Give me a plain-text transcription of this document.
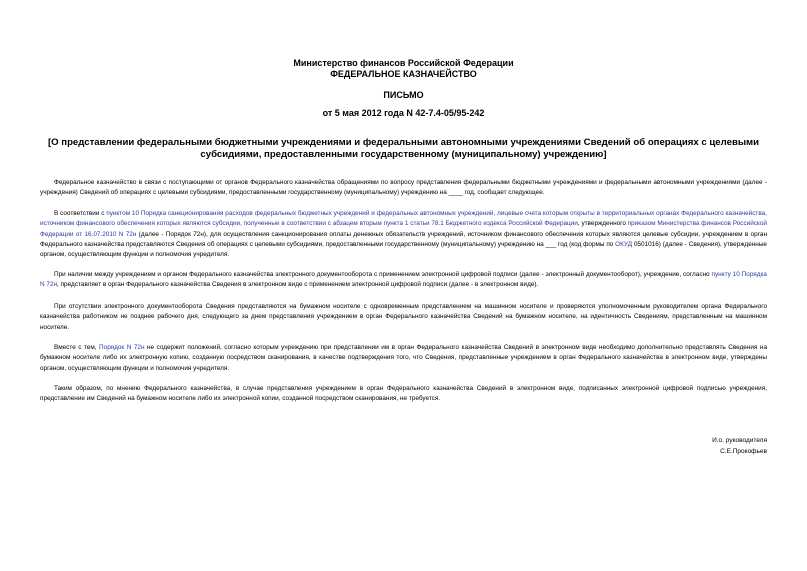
Министерство финансов Российской Федерации
ФЕДЕРАЛЬНОЕ КАЗНАЧЕЙСТВО
ПИСЬМО
от 5 мая 2012 года N 42-7.4-05/95-242
[О представлении федеральными бюджетными учреждениями и федеральными автономными учреждениями Сведений об операциях с целевыми субсидиями, предоставленными государственному (муниципальному) учреждению]

Федеральное казначейство в связи с поступающими от органов Федерального казначейства обращениями по вопросу представления федеральными бюджетными учреждениями и федеральными автономными учреждениями (далее - учреждения) Сведений об операциях с целевыми субсидиями, предоставленными государственному (муниципальному) учреждению на ____ год, сообщает следующее.

В соответствии с пунктом 10 Порядка санкционирования расходов федеральных бюджетных учреждений и федеральных автономных учреждений, лицевые счета которым открыты в территориальных органах Федерального казначейства, источником финансового обеспечения которых являются субсидии, полученные в соответствии с абзацем вторым пункта 1 статьи 78.1 Бюджетного кодекса Российской Федерации, утвержденного приказом Министерства финансов Российской Федерации от 16.07.2010 N 72н (далее - Порядок 72н), для осуществления санкционирования оплаты денежных обязательств учреждений, источником финансового обеспечения которых являются целевые субсидии, учреждением в орган Федерального казначейства представляются Сведения об операциях с целевыми субсидиями, предоставленными государственному (муниципальному) учреждению на ___ год (код формы по ОКУД 0501016) (далее - Сведения), утвержденные органом, осуществляющим функции и полномочия учредителя.

При наличии между учреждением и органом Федерального казначейства электронного документооборота с применением электронной цифровой подписи (далее - электронный документооборот), учреждение, согласно пункту 10 Порядка N 72н, представляет в орган Федерального казначейства Сведения в электронном виде с применением электронной цифровой подписи (далее - в электронном виде).

При отсутствии электронного документооборота Сведения представляются на бумажном носителе с одновременным представлением на машинном носителе и проверяются уполномоченным руководителем органа Федерального казначейства работником не позднее рабочего дня, следующего за днем представления учреждением в орган Федерального казначейства Сведений на бумажном носителе, на идентичность Сведениям, представленным на машинном носителе.

Вместе с тем, Порядок N 72н не содержит положений, согласно которым учреждению при представлении им в орган Федерального казначейства Сведений в электронном виде необходимо дополнительно представлять Сведения на бумажном носителе либо их электронную копию, созданную посредством сканирования, в качестве подтверждения того, что Сведения, представленные учреждением в орган Федерального казначейства в электронном виде, утверждены органом, осуществляющим функции и полномочия учредителя.

Таким образом, по мнению Федерального казначейства, в случае представления учреждением в орган Федерального казначейства Сведений в электронном виде, подписанных электронной цифровой подписью учреждения, представление им Сведений на бумажном носителе либо их электронной копии, созданной посредством сканирования, не требуется.

И.о. руководителя
С.Е.Прокофьев
